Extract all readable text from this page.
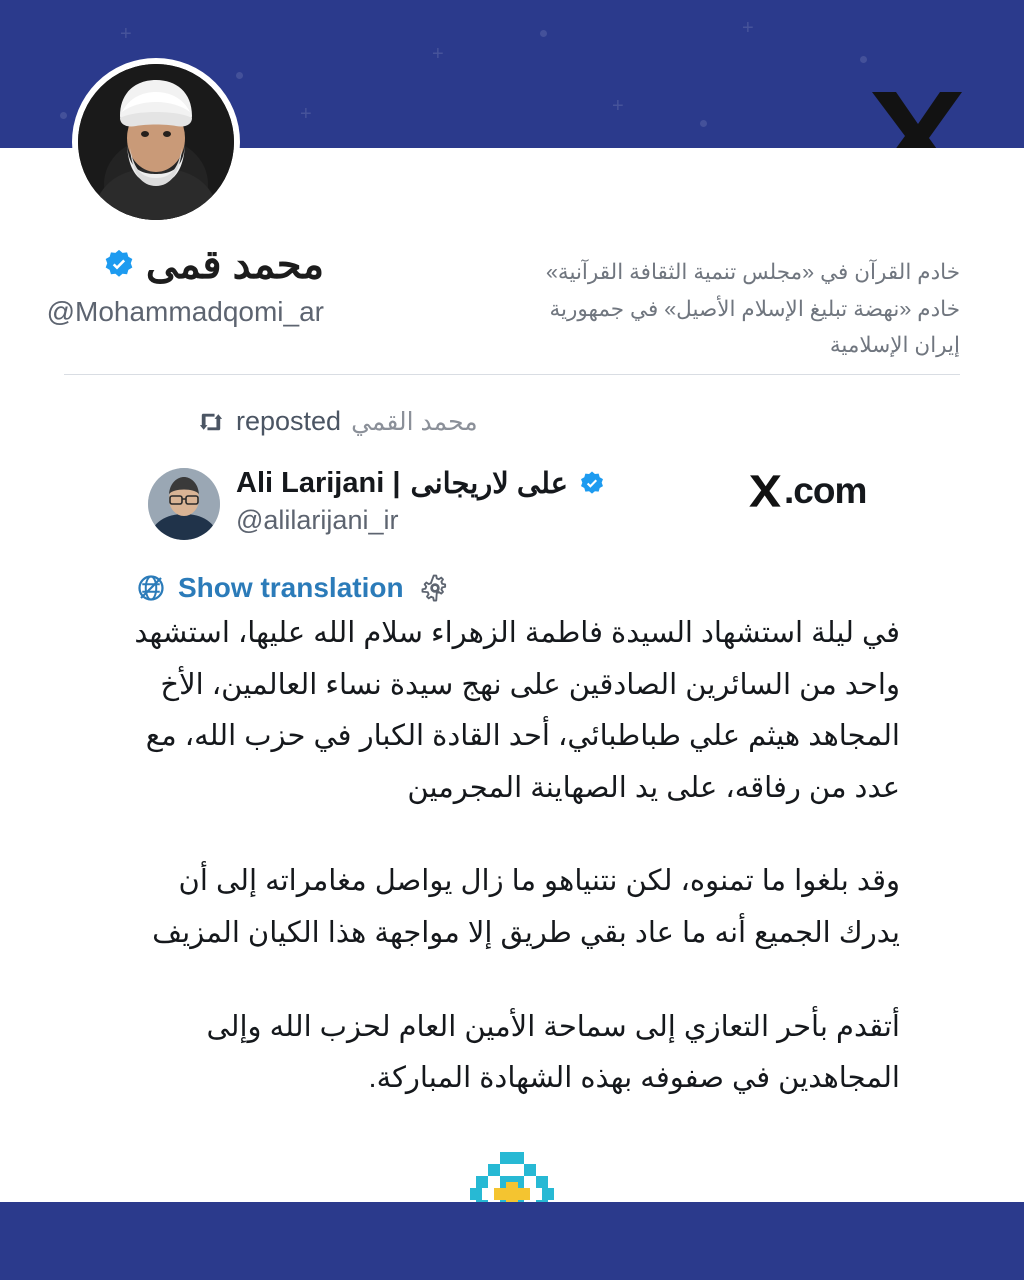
+
+
+
+	+
محمد قمی
@Mohammadqomi_ar
خادم القرآن في «مجلس تنمية الثقافة القرآنية»
خادم «نهضة تبليغ الإسلام الأصيل» في جمهورية إيران الإسلامية
reposted محمد القمي
Ali Larijani | على لاریجانی
@alilarijani_ir
.com
Show translation

في ليلة استشهاد السيدة فاطمة الزهراء سلام الله عليها، استشهد واحد من السائرين الصادقين على نهج سيدة نساء العالمين، الأخ المجاهد هيثم علي طباطبائي، أحد القادة الكبار في حزب الله، مع عدد من رفاقه، على يد الصهاينة المجرمين

وقد بلغوا ما تمنوه، لكن نتنياهو ما زال يواصل مغامراته إلى أن يدرك الجميع أنه ما عاد بقي طريق إلا مواجهة هذا الكيان المزيف

أتقدم بأحر التعازي إلى سماحة الأمين العام لحزب الله وإلى المجاهدين في صفوفه بهذه الشهادة المباركة.
